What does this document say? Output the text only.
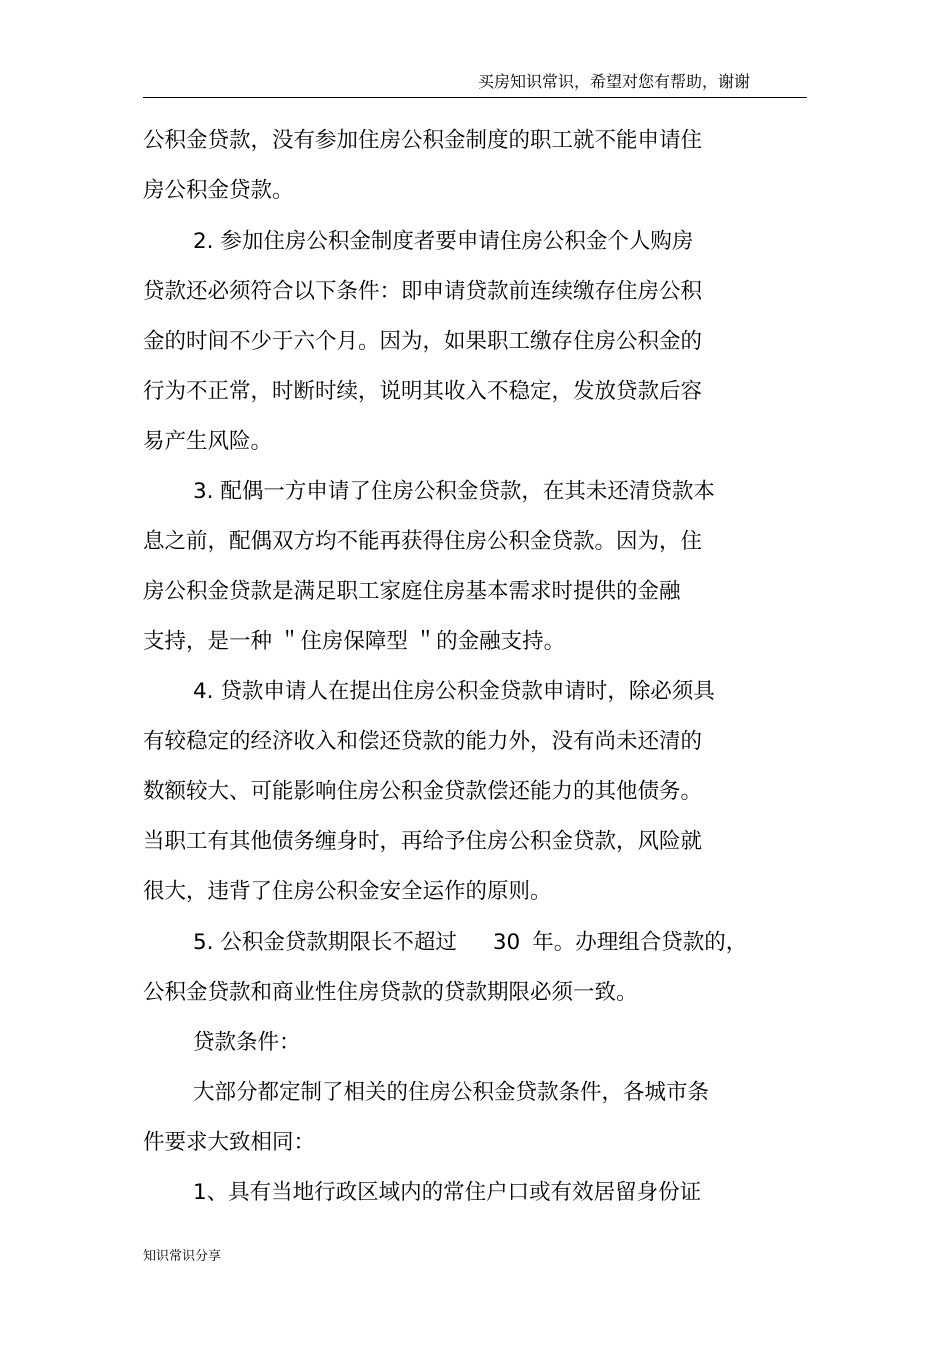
买房知识常识，希望对您有帮助，谢谢
公积金贷款，没有参加住房公积金制度的职工就不能申请住
房公积金贷款。
2. 参加住房公积金制度者要申请住房公积金个人购房
贷款还必须符合以下条件：即申请贷款前连续缴存住房公积
金的时间不少于六个月。因为，如果职工缴存住房公积金的
行为不正常，时断时续，说明其收入不稳定，发放贷款后容
易产生风险。
3. 配偶一方申请了住房公积金贷款，在其未还清贷款本
息之前，配偶双方均不能再获得住房公积金贷款。因为，住
房公积金贷款是满足职工家庭住房基本需求时提供的金融
支持，是一种 ＂住房保障型 ＂的金融支持。
4. 贷款申请人在提出住房公积金贷款申请时，除必须具
有较稳定的经济收入和偿还贷款的能力外，没有尚未还清的
数额较大、可能影响住房公积金贷款偿还能力的其他债务。
当职工有其他债务缠身时，再给予住房公积金贷款，风险就
很大，违背了住房公积金安全运作的原则。
5. 公积金贷款期限长不超过 30 年。办理组合贷款的，
公积金贷款和商业性住房贷款的贷款期限必须一致。
贷款条件：
大部分都定制了相关的住房公积金贷款条件，各城市条
件要求大致相同：
1、具有当地行政区域内的常住户口或有效居留身份证
知识常识分享
